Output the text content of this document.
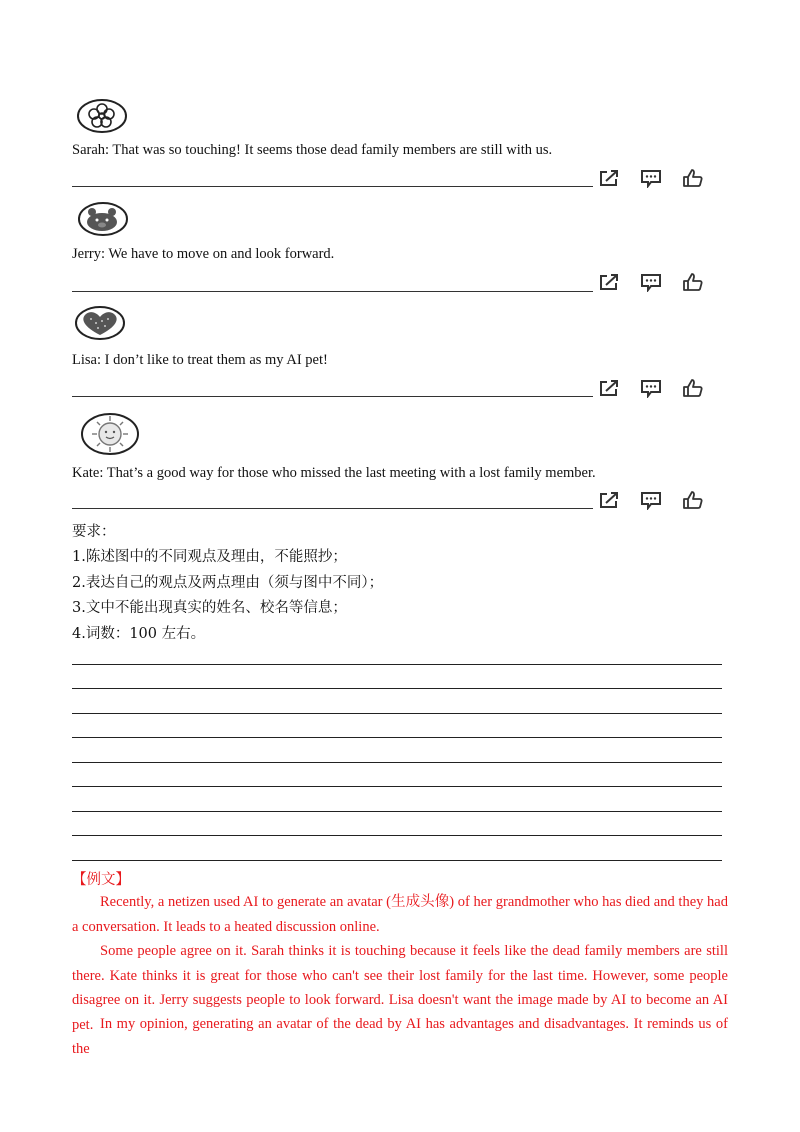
Sarah: That was so touching! It seems those dead family members are still with us.
Jerry: We have to move on and look forward.
Lisa: I don’t like to treat them as my AI pet!
Kate: That’s a good way for those who missed the last meeting with a lost family member.
要求：
1.陈述图中的不同观点及理由，不能照抄；
2.表达自己的观点及两点理由（须与图中不同）；
3.文中不能出现真实的姓名、校名等信息；
4.词数：100 左右。
【例文】
Recently, a netizen used AI to generate an avatar (生成头像) of her grandmother who has died and they had a conversation. It leads to a heated discussion online.
Some people agree on it. Sarah thinks it is touching because it feels like the dead family members are still there. Kate thinks it is great for those who can't see their lost family for the last time. However, some people disagree on it. Jerry suggests people to look forward. Lisa doesn't want the image made by AI to become an AI pet. In my opinion, generating an avatar of the dead by AI has advantages and disadvantages. It reminds us of the
